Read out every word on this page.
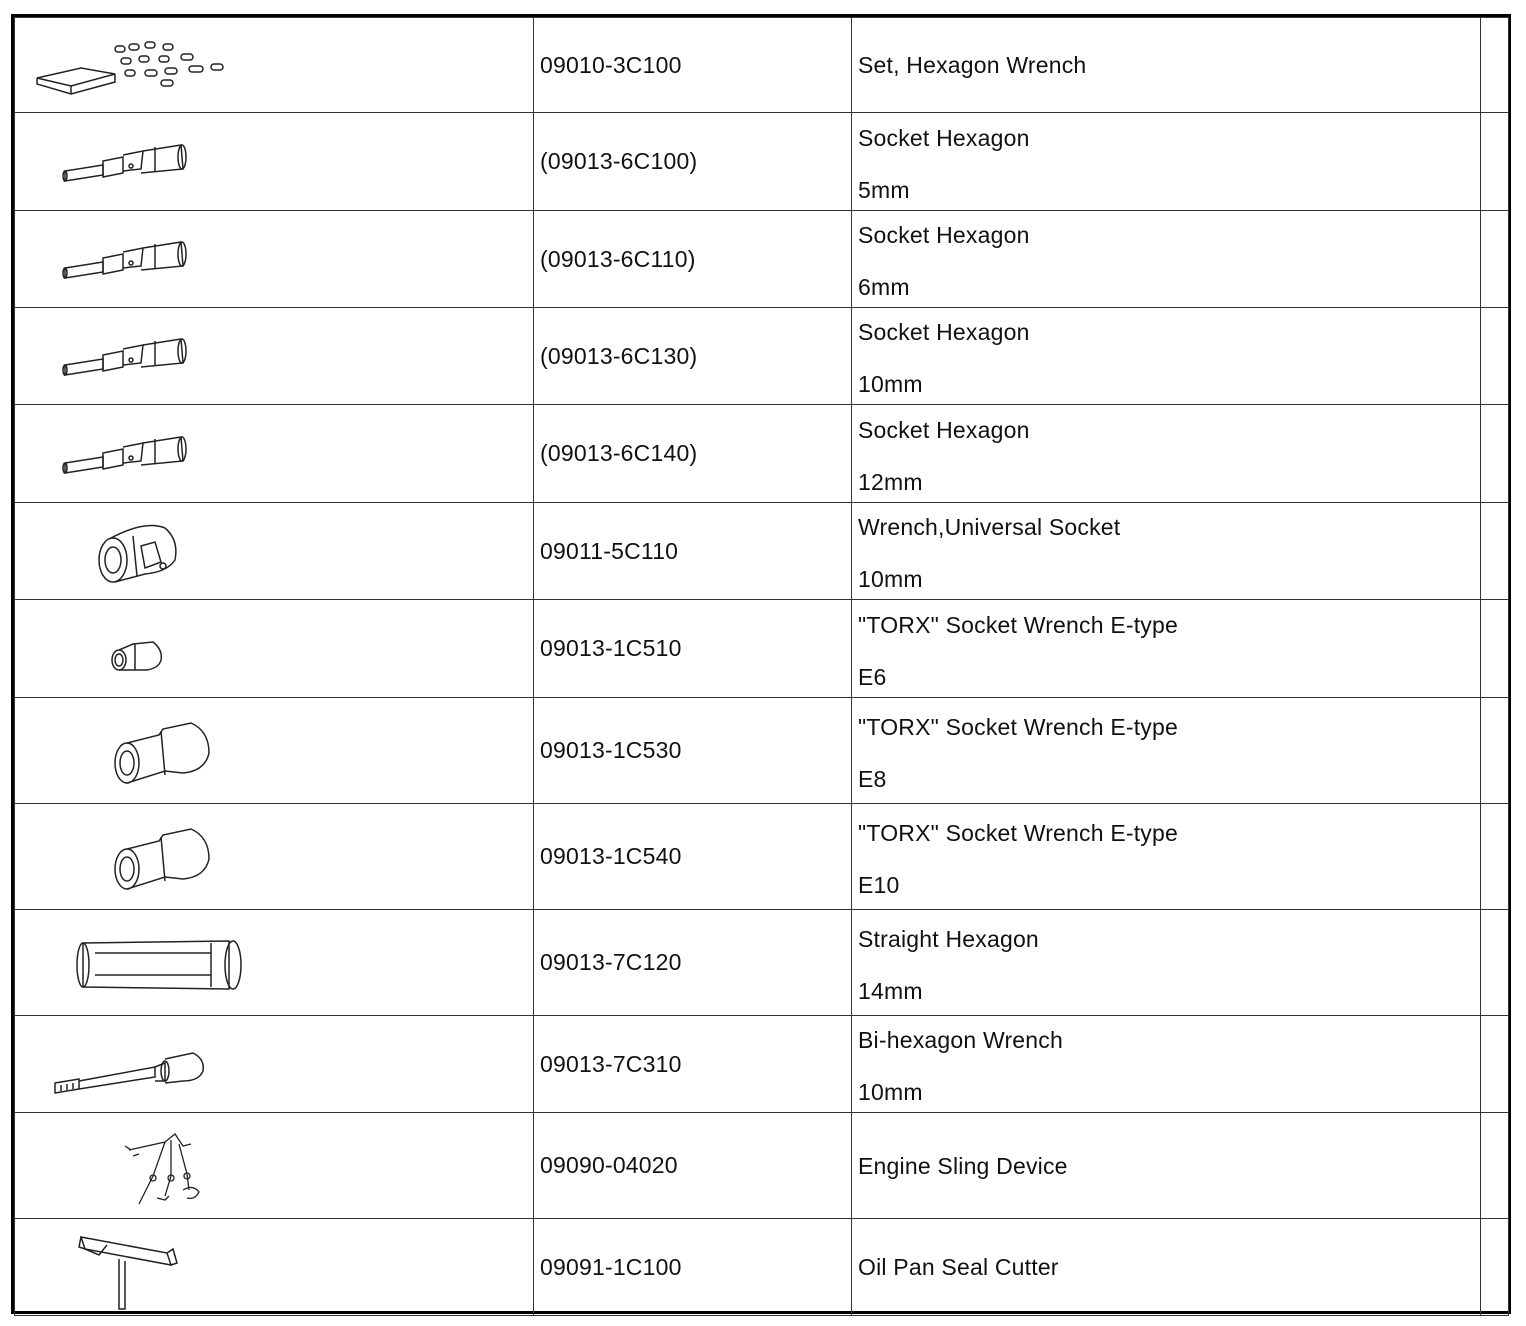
	09010-3C100	Set, Hexagon Wrench	

	(09013-6C100)	Socket Hexagon
5mm	

	(09013-6C110)	Socket Hexagon
6mm	

	(09013-6C130)	Socket Hexagon
10mm	

	(09013-6C140)	Socket Hexagon
12mm	

	09011-5C110	Wrench,Universal Socket
10mm	

	09013-1C510	"TORX" Socket Wrench E-type
E6	

	09013-1C530	"TORX" Socket Wrench E-type
E8	

	09013-1C540	"TORX" Socket Wrench E-type
E10	

	09013-7C120	Straight Hexagon
14mm	

	09013-7C310	Bi-hexagon Wrench
10mm	

	09090-04020	Engine Sling Device	

	09091-1C100	Oil Pan Seal Cutter	
